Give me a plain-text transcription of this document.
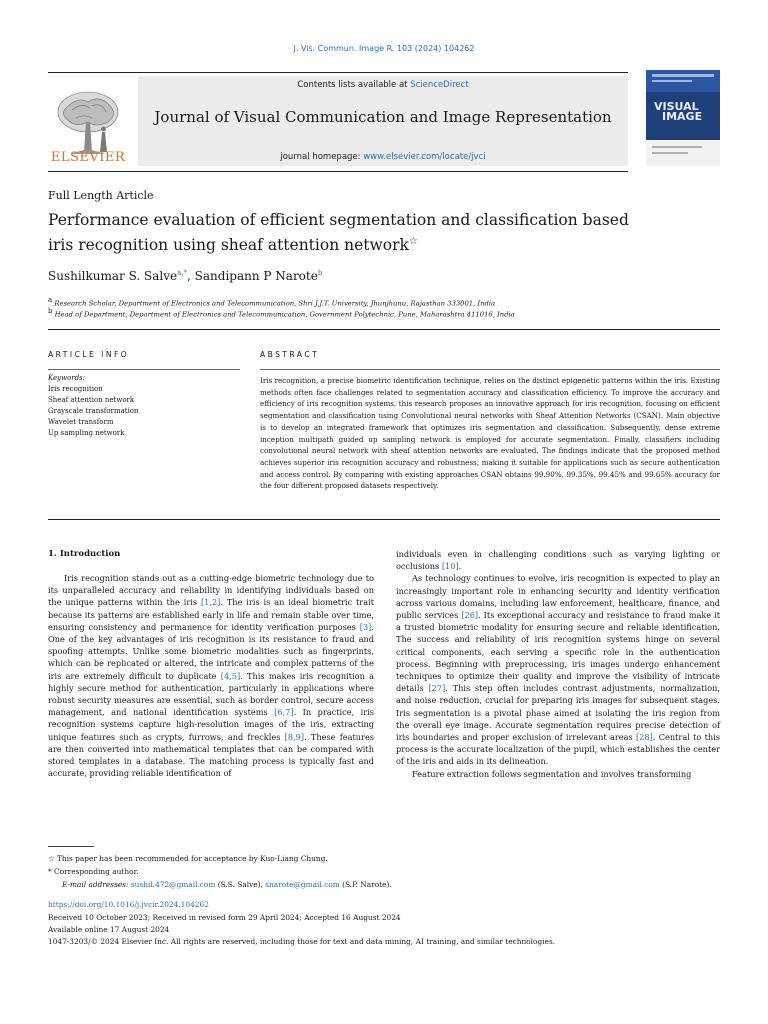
J. Vis. Commun. Image R. 103 (2024) 104262
Contents lists available at ScienceDirect
Journal of Visual Communication and Image Representation
journal homepage: www.elsevier.com/locate/jvci
ELSEVIER
VISUAL
IMAGE
Full Length Article
Performance evaluation of efficient segmentation and classification based
iris recognition using sheaf attention network☆
Sushilkumar S. Salve$^{a,*}$, Sandipann P Narote$^b$
a Research Scholar, Department of Electronics and Telecommunication, Shri J.J.T. University, Jhunjhunu, Rajasthan 333001, India
b Head of Department, Department of Electronics and Telecommunication, Government Polytechnic, Pune, Maharashtra 411016, India
ARTICLE INFO
Keywords:
Iris recognition
Sheaf attention network
Grayscale transformation
Wavelet transform
Up sampling network
ABSTRACT
Iris recognition, a precise biometric identification technique, relies on the distinct epigenetic patterns within the iris. Existing methods often face challenges related to segmentation accuracy and classification efficiency. To improve the accuracy and efficiency of iris recognition systems, this research proposes an innovative approach for iris recognition, focusing on efficient segmentation and classification using Convolutional neural networks with Sheaf Attention Networks (CSAN). Main objective is to develop an integrated framework that optimizes iris segmentation and classification. Subsequently, dense extreme inception multipath guided up sampling network is employed for accurate segmentation. Finally, classifiers including convolutional neural network with sheaf attention networks are evaluated. The findings indicate that the proposed method achieves superior iris recognition accuracy and robustness, making it suitable for applications such as secure authentication and access control. By comparing with existing approaches CSAN obtains 99.90%, 99.35%, 99.45% and 99.65% accuracy for the four different proposed datasets respectively.
1. Introduction

Iris recognition stands out as a cutting-edge biometric technology due to its unparalleled accuracy and reliability in identifying individuals based on the unique patterns within the iris [1,2]. The iris is an ideal biometric trait because its patterns are established early in life and remain stable over time, ensuring consistency and permanence for identity verification purposes [3]. One of the key advantages of iris recognition is its resistance to fraud and spoofing attempts. Unlike some biometric modalities such as fingerprints, which can be replicated or altered, the intricate and complex patterns of the iris are extremely difficult to duplicate [4,5]. This makes iris recognition a highly secure method for authentication, particularly in applications where robust security measures are essential, such as border control, secure access management, and national identification systems [6,7]. In practice, iris recognition systems capture high-resolution images of the iris, extracting unique features such as crypts, furrows, and freckles [8,9]. These features are then converted into mathematical templates that can be compared with stored templates in a database. The matching process is typically fast and accurate, providing reliable identification of

individuals even in challenging conditions such as varying lighting or occlusions [10].

As technology continues to evolve, iris recognition is expected to play an increasingly important role in enhancing security and identity verification across various domains, including law enforcement, healthcare, finance, and public services [26]. Its exceptional accuracy and resistance to fraud make it a trusted biometric modality for ensuring secure and reliable identification. The success and reliability of iris recognition systems hinge on several critical components, each serving a specific role in the authentication process. Beginning with preprocessing, iris images undergo enhancement techniques to optimize their quality and improve the visibility of intricate details [27]. This step often includes contrast adjustments, normalization, and noise reduction, crucial for preparing iris images for subsequent stages. Iris segmentation is a pivotal phase aimed at isolating the iris region from the overall eye image. Accurate segmentation requires precise detection of iris boundaries and proper exclusion of irrelevant areas [28]. Central to this process is the accurate localization of the pupil, which establishes the center of the iris and aids in its delineation.

Feature extraction follows segmentation and involves transforming

☆ This paper has been recommended for acceptance by Kuo-Liang Chung.
* Corresponding author.
E-mail addresses: sushil.472@gmail.com (S.S. Salve), snarote@gmail.com (S.P. Narote).
https://doi.org/10.1016/j.jvcir.2024.104262
Received 10 October 2023; Received in revised form 29 April 2024; Accepted 16 August 2024
Available online 17 August 2024
1047-3203/© 2024 Elsevier Inc. All rights are reserved, including those for text and data mining, AI training, and similar technologies.
